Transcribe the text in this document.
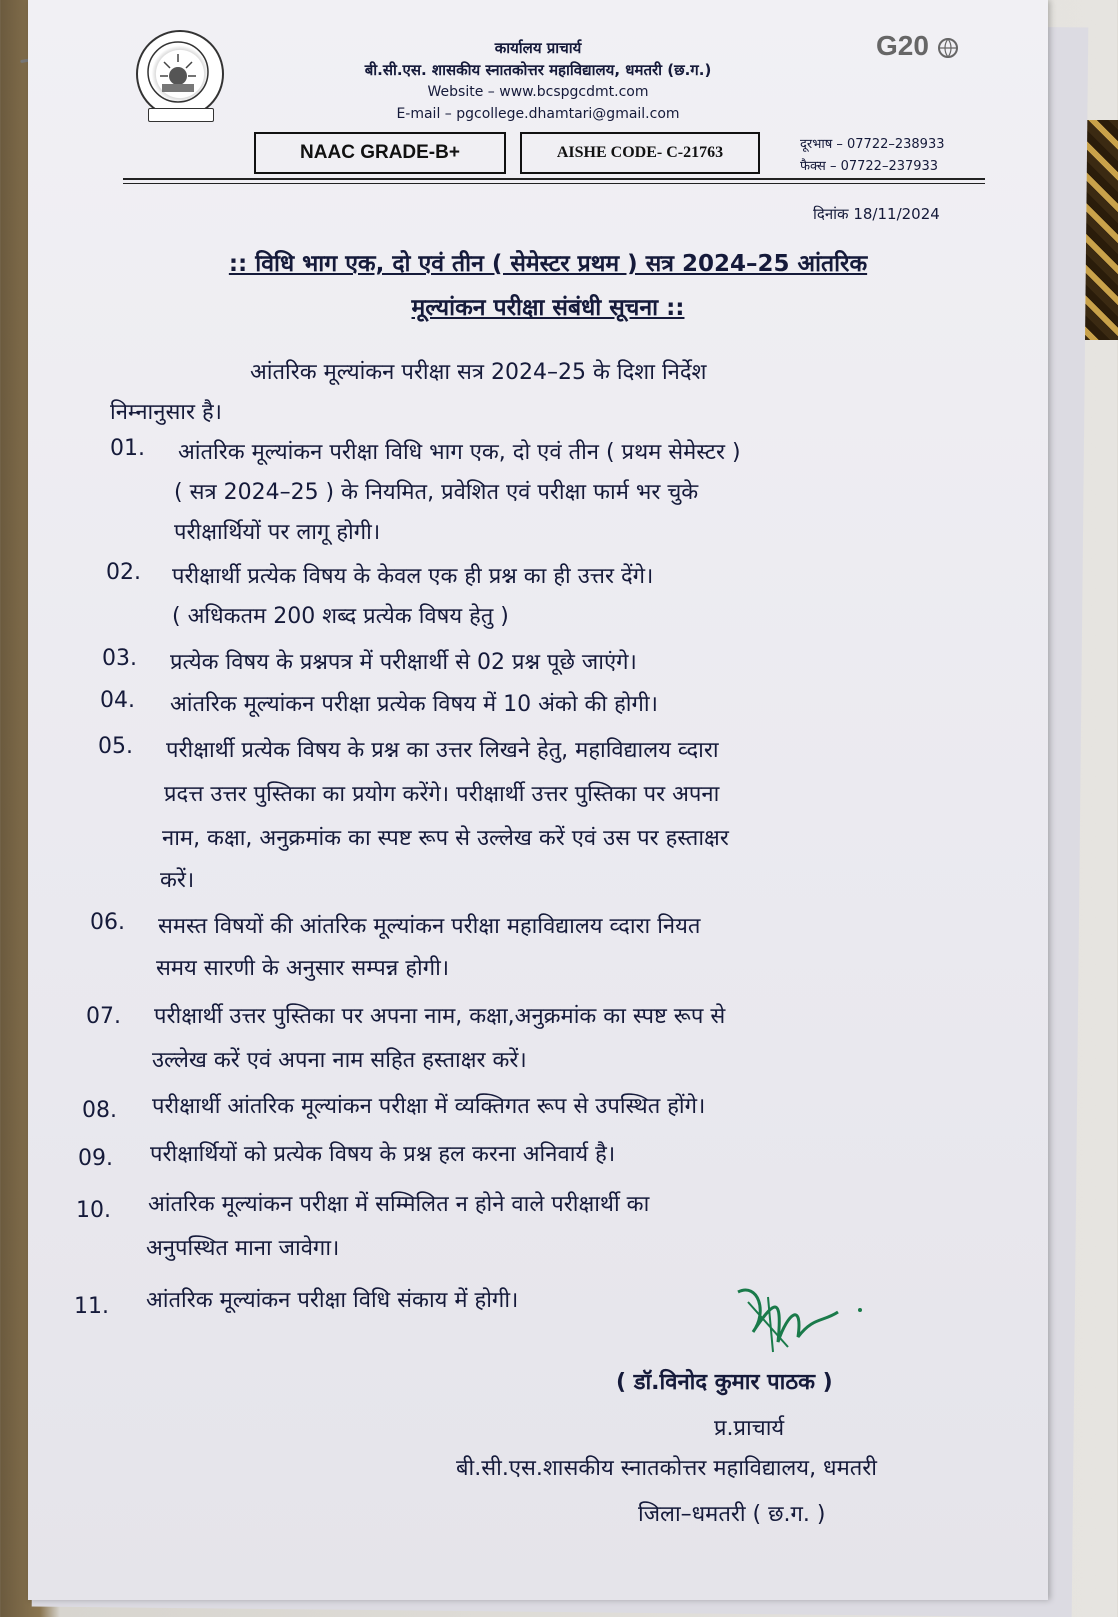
कार्यालय प्राचार्य
बी.सी.एस. शासकीय स्नातकोत्तर महाविद्यालय, धमतरी (छ.ग.)
Website – www.bcspgcdmt.com
E-mail – pgcollege.dhamtari@gmail.com
G20
NAAC GRADE-B+	AISHE CODE- C-21763	दूरभाष – 07722–238933
फैक्स – 07722–237933
दिनांक 18/11/2024
:: विधि भाग एक, दो एवं तीन ( सेमेस्टर प्रथम ) सत्र 2024–25 आंतरिक
मूल्यांकन परीक्षा संबंधी सूचना ::
आंतरिक मूल्यांकन परीक्षा सत्र 2024–25 के दिशा निर्देश
निम्नानुसार है।
01. आंतरिक मूल्यांकन परीक्षा विधि भाग एक, दो एवं तीन ( प्रथम सेमेस्टर )
( सत्र 2024–25 ) के नियमित, प्रवेशित एवं परीक्षा फार्म भर चुके
परीक्षार्थियों पर लागू होगी।
02. परीक्षार्थी प्रत्येक विषय के केवल एक ही प्रश्न का ही उत्तर देंगे।
( अधिकतम 200 शब्द प्रत्येक विषय हेतु )
03. प्रत्येक विषय के प्रश्नपत्र में परीक्षार्थी से 02 प्रश्न पूछे जाएंगे।
04. आंतरिक मूल्यांकन परीक्षा प्रत्येक विषय में 10 अंको की होगी।
05. परीक्षार्थी प्रत्येक विषय के प्रश्न का उत्तर लिखने हेतु, महाविद्यालय व्दारा
प्रदत्त उत्तर पुस्तिका का प्रयोग करेंगे। परीक्षार्थी उत्तर पुस्तिका पर अपना
नाम, कक्षा, अनुक्रमांक का स्पष्ट रूप से उल्लेख करें एवं उस पर हस्ताक्षर
करें।
06. समस्त विषयों की आंतरिक मूल्यांकन परीक्षा महाविद्यालय व्दारा नियत
समय सारणी के अनुसार सम्पन्न होगी।
07. परीक्षार्थी उत्तर पुस्तिका पर अपना नाम, कक्षा,अनुक्रमांक का स्पष्ट रूप से
उल्लेख करें एवं अपना नाम सहित हस्ताक्षर करें।
08. परीक्षार्थी आंतरिक मूल्यांकन परीक्षा में व्यक्तिगत रूप से उपस्थित होंगे।
09. परीक्षार्थियों को प्रत्येक विषय के प्रश्न हल करना अनिवार्य है।
10. आंतरिक मूल्यांकन परीक्षा में सम्मिलित न होने वाले परीक्षार्थी का
अनुपस्थित माना जावेगा।
11. आंतरिक मूल्यांकन परीक्षा विधि संकाय में होगी।
( डॉ.विनोद कुमार पाठक )
प्र.प्राचार्य
बी.सी.एस.शासकीय स्नातकोत्तर महाविद्यालय, धमतरी
जिला–धमतरी ( छ.ग. )
